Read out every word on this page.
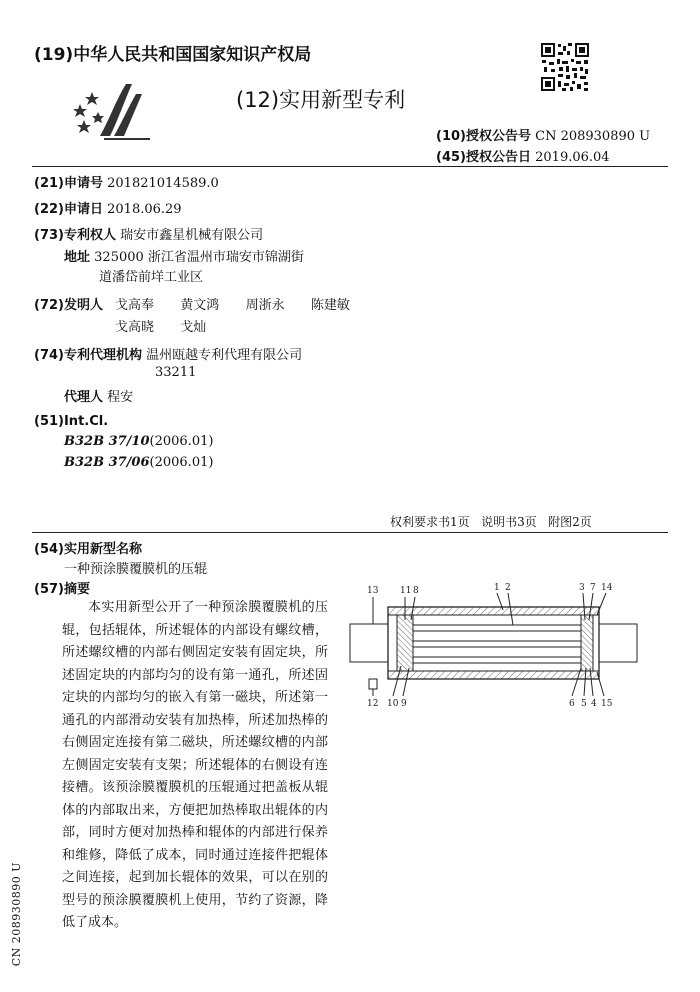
(19)中华人民共和国国家知识产权局
(12)实用新型专利
(10)授权公告号 CN 208930890 U
(45)授权公告日 2019.06.04
(21)申请号 201821014589.0
(22)申请日 2018.06.29
(73)专利权人 瑞安市鑫星机械有限公司
地址 325000 浙江省温州市瑞安市锦湖街
道潘岱前垟工业区
(72)发明人 戈高奉 黄文鸿 周浙永 陈建敏
戈高晓 戈灿
(74)专利代理机构 温州瓯越专利代理有限公司
33211
代理人 程安
(51)Int.Cl.
B32B 37/10(2006.01)
B32B 37/06(2006.01)
权利要求书1页   说明书3页   附图2页
(54)实用新型名称
一种预涂膜覆膜机的压辊
(57)摘要
本实用新型公开了一种预涂膜覆膜机的压辊，包括辊体，所述辊体的内部设有螺纹槽，所述螺纹槽的内部右侧固定安装有固定块，所述固定块的内部均匀的设有第一通孔，所述固定块的内部均匀的嵌入有第一磁块，所述第一通孔的内部滑动安装有加热棒，所述加热棒的右侧固定连接有第二磁块，所述螺纹槽的内部左侧固定安装有支架；所述辊体的右侧设有连接槽。该预涂膜覆膜机的压辊通过把盖板从辊体的内部取出来，方便把加热棒取出辊体的内部，同时方便对加热棒和辊体的内部进行保养和维修，降低了成本，同时通过连接件把辊体之间连接，起到加长辊体的效果，可以在别的型号的预涂膜覆膜机上使用，节约了资源，降低了成本。
13 11 8	1 2	3 7 14
12 10 9	6 5 4 15
CN 208930890 U
